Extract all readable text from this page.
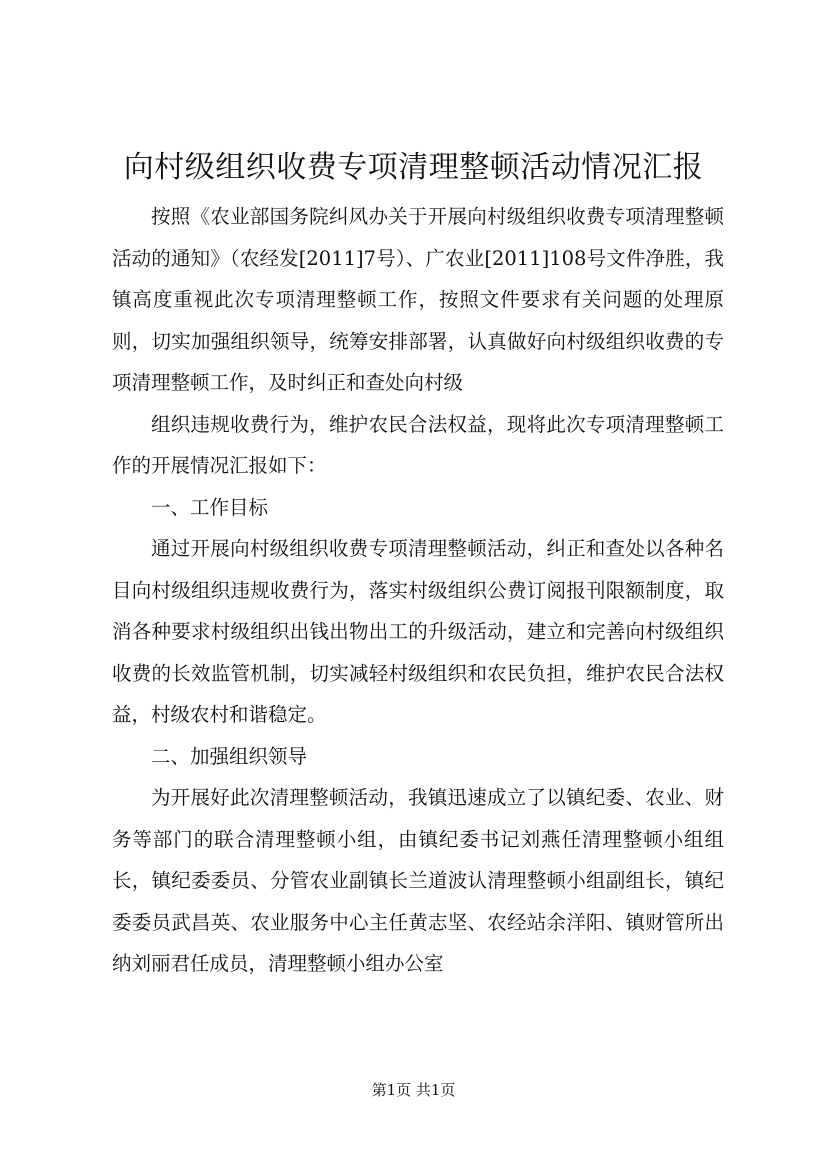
向村级组织收费专项清理整顿活动情况汇报

按照《农业部国务院纠风办关于开展向村级组织收费专项清理整顿活动的通知》（农经发[2011]7号）、广农业[2011]108号文件净胜，我镇高度重视此次专项清理整顿工作，按照文件要求有关问题的处理原则，切实加强组织领导，统筹安排部署，认真做好向村级组织收费的专项清理整顿工作，及时纠正和查处向村级

组织违规收费行为，维护农民合法权益，现将此次专项清理整顿工作的开展情况汇报如下：

一、工作目标

通过开展向村级组织收费专项清理整顿活动，纠正和查处以各种名目向村级组织违规收费行为，落实村级组织公费订阅报刊限额制度，取消各种要求村级组织出钱出物出工的升级活动，建立和完善向村级组织收费的长效监管机制，切实减轻村级组织和农民负担，维护农民合法权益，村级农村和谐稳定。

二、加强组织领导

为开展好此次清理整顿活动，我镇迅速成立了以镇纪委、农业、财务等部门的联合清理整顿小组，由镇纪委书记刘燕任清理整顿小组组长，镇纪委委员、分管农业副镇长兰道波认清理整顿小组副组长，镇纪委委员武昌英、农业服务中心主任黄志坚、农经站余洋阳、镇财管所出纳刘丽君任成员，清理整顿小组办公室

第1页 共1页
